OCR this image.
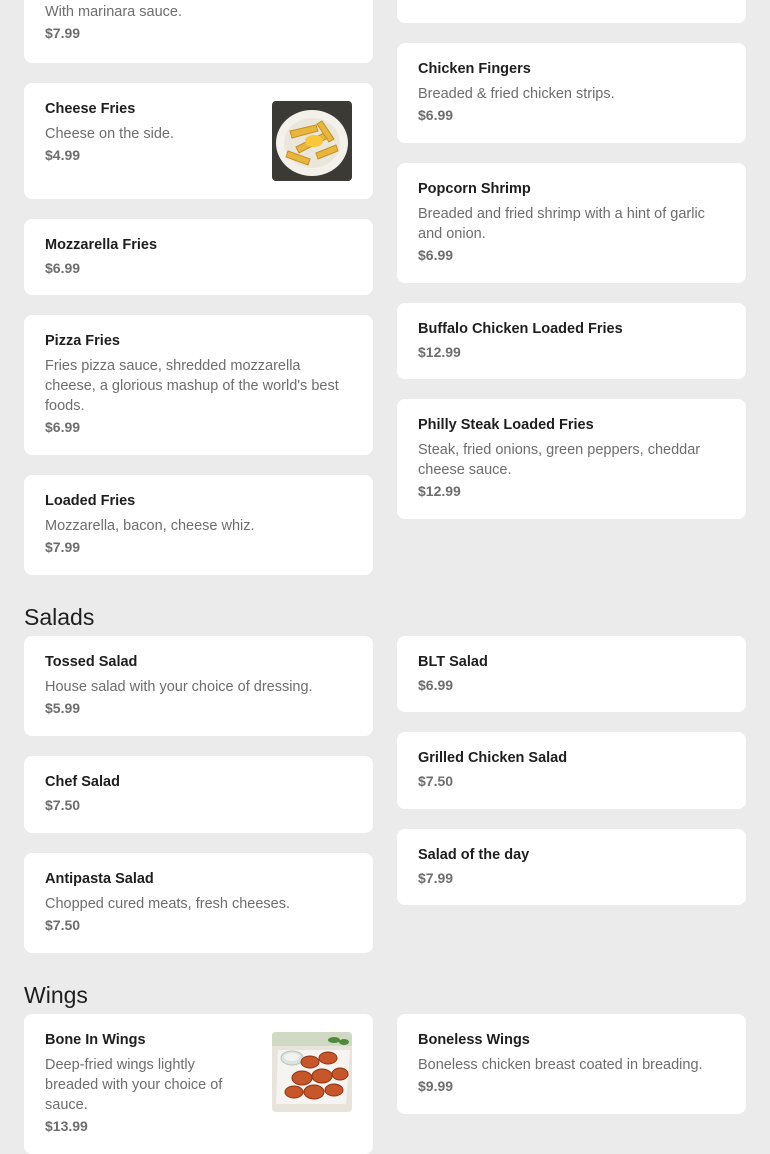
With marinara sauce.
$7.99
Cheese Fries
Cheese on the side.
$4.99
Mozzarella Fries
$6.99
Pizza Fries
Fries pizza sauce, shredded mozzarella cheese, a glorious mashup of the world's best foods.
$6.99
Loaded Fries
Mozzarella, bacon, cheese whiz.
$7.99
Chicken Fingers
Breaded & fried chicken strips.
$6.99
Popcorn Shrimp
Breaded and fried shrimp with a hint of garlic and onion.
$6.99
Buffalo Chicken Loaded Fries
$12.99
Philly Steak Loaded Fries
Steak, fried onions, green peppers, cheddar cheese sauce.
$12.99
Salads
Tossed Salad
House salad with your choice of dressing.
$5.99
Chef Salad
$7.50
Antipasta Salad
Chopped cured meats, fresh cheeses.
$7.50
BLT Salad
$6.99
Grilled Chicken Salad
$7.50
Salad of the day
$7.99
Wings
Bone In Wings
Deep-fried wings lightly breaded with your choice of sauce.
$13.99
Boneless Wings
Boneless chicken breast coated in breading.
$9.99
